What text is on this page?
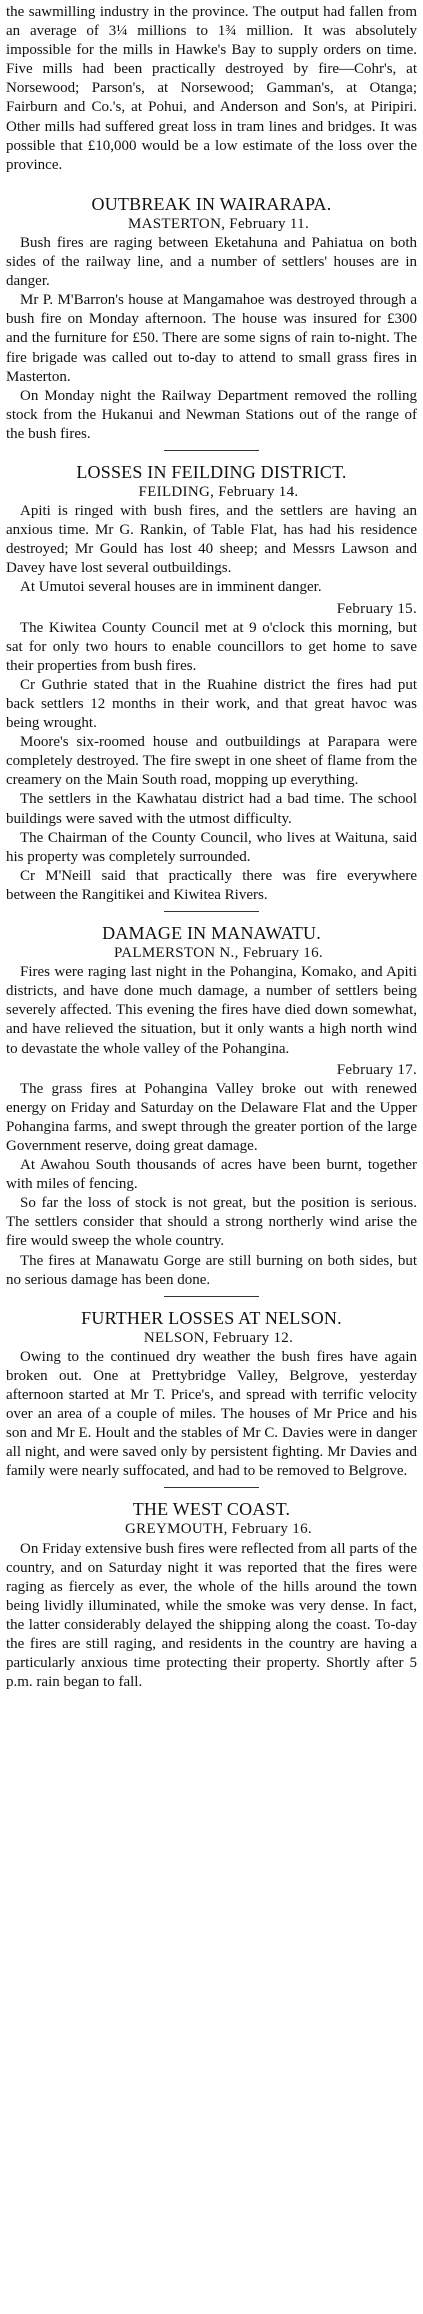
the sawmilling industry in the province. The output had fallen from an average of 3¼ millions to 1¾ million. It was absolutely impossible for the mills in Hawke's Bay to supply orders on time. Five mills had been practically destroyed by fire—Cohr's, at Norsewood; Parson's, at Norsewood; Gamman's, at Otanga; Fairburn and Co.'s, at Pohui, and Anderson and Son's, at Piripiri. Other mills had suffered great loss in tram lines and bridges. It was possible that £10,000 would be a low estimate of the loss over the province.

OUTBREAK IN WAIRARAPA.

MASTERTON, February 11.

Bush fires are raging between Eketahuna and Pahiatua on both sides of the railway line, and a number of settlers' houses are in danger.

Mr P. M'Barron's house at Mangamahoe was destroyed through a bush fire on Monday afternoon. The house was insured for £300 and the furniture for £50. There are some signs of rain to-night. The fire brigade was called out to-day to attend to small grass fires in Masterton.

On Monday night the Railway Department removed the rolling stock from the Hukanui and Newman Stations out of the range of the bush fires.

LOSSES IN FEILDING DISTRICT.

FEILDING, February 14.

Apiti is ringed with bush fires, and the settlers are having an anxious time. Mr G. Rankin, of Table Flat, has had his residence destroyed; Mr Gould has lost 40 sheep; and Messrs Lawson and Davey have lost several outbuildings.

At Umutoi several houses are in imminent danger.

February 15.

The Kiwitea County Council met at 9 o'clock this morning, but sat for only two hours to enable councillors to get home to save their properties from bush fires.

Cr Guthrie stated that in the Ruahine district the fires had put back settlers 12 months in their work, and that great havoc was being wrought.

Moore's six-roomed house and outbuildings at Parapara were completely destroyed. The fire swept in one sheet of flame from the creamery on the Main South road, mopping up everything.

The settlers in the Kawhatau district had a bad time. The school buildings were saved with the utmost difficulty.

The Chairman of the County Council, who lives at Waituna, said his property was completely surrounded.

Cr M'Neill said that practically there was fire everywhere between the Rangitikei and Kiwitea Rivers.

DAMAGE IN MANAWATU.

PALMERSTON N., February 16.

Fires were raging last night in the Pohangina, Komako, and Apiti districts, and have done much damage, a number of settlers being severely affected. This evening the fires have died down somewhat, and have relieved the situation, but it only wants a high north wind to devastate the whole valley of the Pohangina.

February 17.

The grass fires at Pohangina Valley broke out with renewed energy on Friday and Saturday on the Delaware Flat and the Upper Pohangina farms, and swept through the greater portion of the large Government reserve, doing great damage.

At Awahou South thousands of acres have been burnt, together with miles of fencing.

So far the loss of stock is not great, but the position is serious. The settlers consider that should a strong northerly wind arise the fire would sweep the whole country.

The fires at Manawatu Gorge are still burning on both sides, but no serious damage has been done.

FURTHER LOSSES AT NELSON.

NELSON, February 12.

Owing to the continued dry weather the bush fires have again broken out. One at Prettybridge Valley, Belgrove, yesterday afternoon started at Mr T. Price's, and spread with terrific velocity over an area of a couple of miles. The houses of Mr Price and his son and Mr E. Hoult and the stables of Mr C. Davies were in danger all night, and were saved only by persistent fighting. Mr Davies and family were nearly suffocated, and had to be removed to Belgrove.

THE WEST COAST.

GREYMOUTH, February 16.

On Friday extensive bush fires were reflected from all parts of the country, and on Saturday night it was reported that the fires were raging as fiercely as ever, the whole of the hills around the town being lividly illuminated, while the smoke was very dense. In fact, the latter considerably delayed the shipping along the coast. To-day the fires are still raging, and residents in the country are having a particularly anxious time protecting their property. Shortly after 5 p.m. rain began to fall.
